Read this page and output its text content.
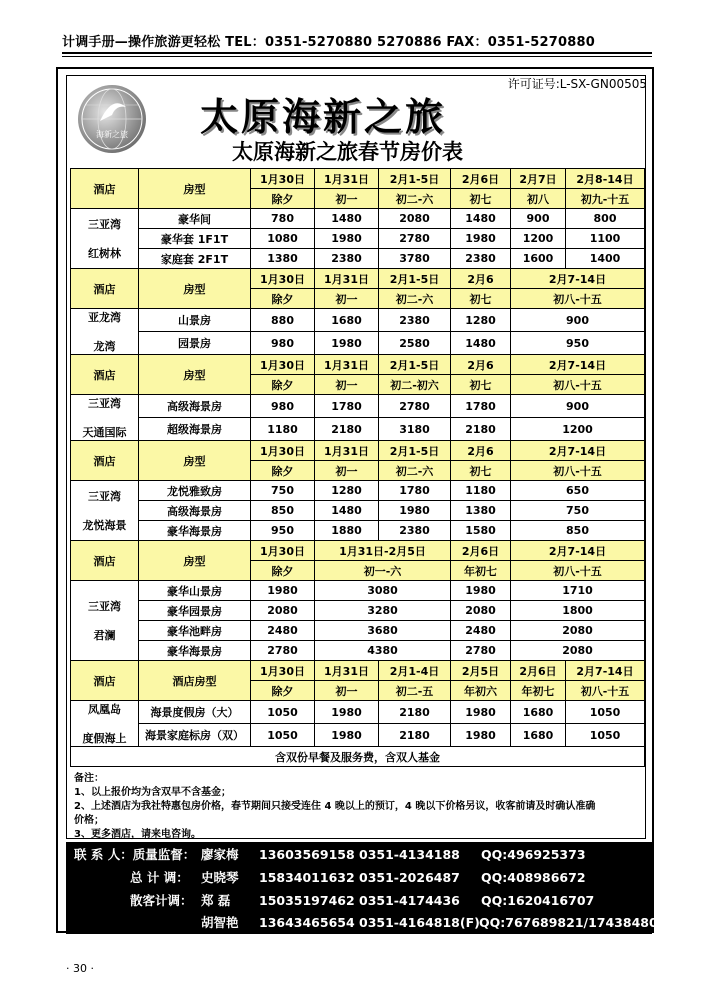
计调手册—操作旅游更轻松 TEL：0351-5270880 5270886 FAX：0351-5270880
许可证号:L-SX-GN00505
海新之旅	太原海新之旅
太原海新之旅春节房价表
酒店	房型	1月30日	1月31日	2月1-5日	2月6日	2月7日	2月8-14日
		除夕	初一	初二-六	初七	初八	初九-十五
三亚湾

红树林	豪华间	780	1480	2080	1480	900	800
	豪华套 1F1T	1080	1980	2780	1980	1200	1100
	家庭套 2F1T	1380	2380	3780	2380	1600	1400
酒店	房型	1月30日	1月31日	2月1-5日	2月6	2月7-14日	
		除夕	初一	初二-六	初七	初八-十五	
亚龙湾

龙湾	山景房	880	1680	2380	1280	900	
	园景房	980	1980	2580	1480	950	
酒店	房型	1月30日	1月31日	2月1-5日	2月6	2月7-14日	
		除夕	初一	初二-初六	初七	初八-十五	
三亚湾

天通国际	高级海景房	980	1780	2780	1780	900	
	超级海景房	1180	2180	3180	2180	1200	
酒店	房型	1月30日	1月31日	2月1-5日	2月6	2月7-14日	
		除夕	初一	初二-六	初七	初八-十五	
三亚湾

龙悦海景	龙悦雅致房	750	1280	1780	1180	650	
	高级海景房	850	1480	1980	1380	750	
	豪华海景房	950	1880	2380	1580	850	
酒店	房型	1月30日	1月31日-2月5日		2月6日	2月7-14日	
		除夕	初一-六		年初七	初八-十五	
三亚湾

君澜	豪华山景房	1980	3080		1980	1710	
	豪华园景房	2080	3280		2080	1800	
	豪华池畔房	2480	3680		2480	2080	
	豪华海景房	2780	4380		2780	2080	
酒店	酒店房型	1月30日	1月31日	2月1-4日	2月5日	2月6日	2月7-14日
		除夕	初一	初二-五	年初六	年初七	初八-十五
凤凰岛

度假海上	海景度假房（大）	1050	1980	2180	1980	1680	1050
	海景家庭标房（双）	1050	1980	2180	1980	1680	1050
含双份早餐及服务费，含双人基金							
备注：
1、以上报价均为含双早不含基金；
2、上述酒店为我社特惠包房价格，春节期间只接受连住 4 晚以上的预订，4 晚以下价格另议，收客前请及时确认准确
价格；
3、更多酒店，请来电咨询。
联 系 人：质量监督： 廖家梅 13603569158 0351-4134188 QQ:496925373
总 计 调： 史晓琴 15834011632 0351-2026487 QQ:408986672
散客计调： 郑 磊 15035197462 0351-4174436 QQ:1620416707
胡智艳 13643465654 0351-4164818(F)QQ:767689821/1743848091
· 30 ·
